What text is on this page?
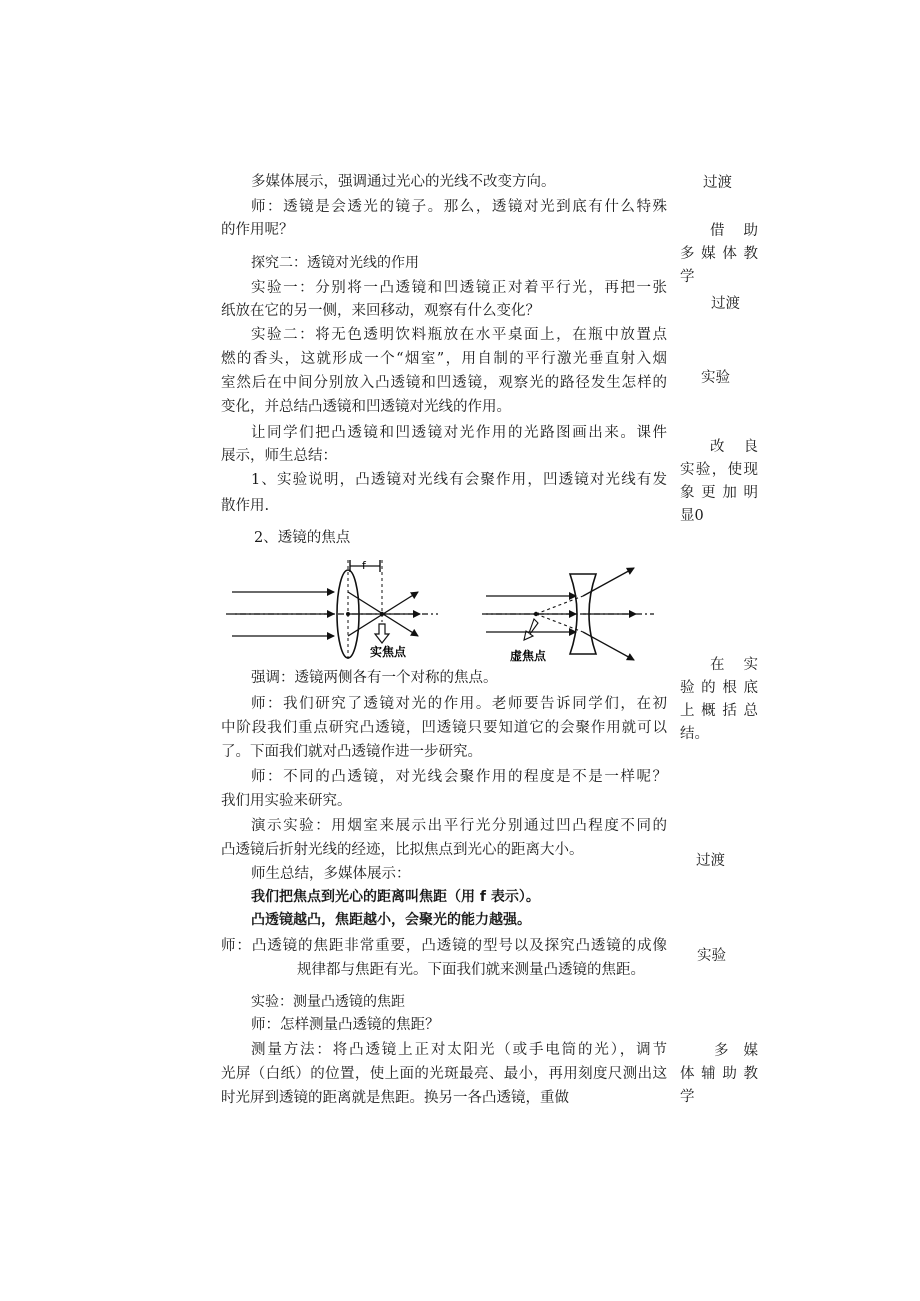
多媒体展示，强调通过光心的光线不改变方向。
师：透镜是会透光的镜子。那么，透镜对光到底有什么特殊
的作用呢？
探究二：透镜对光线的作用
实验一：分别将一凸透镜和凹透镜正对着平行光，再把一张
纸放在它的另一侧，来回移动，观察有什么变化？
实验二：将无色透明饮料瓶放在水平桌面上，在瓶中放置点
燃的香头，这就形成一个“烟室”，用自制的平行激光垂直射入烟
室然后在中间分别放入凸透镜和凹透镜，观察光的路径发生怎样的
变化，并总结凸透镜和凹透镜对光线的作用。
让同学们把凸透镜和凹透镜对光作用的光路图画出来。课件
展示，师生总结：
1、实验说明，凸透镜对光线有会聚作用，凹透镜对光线有发
散作用.
2、透镜的焦点
f
实焦点	虚焦点
强调：透镜两侧各有一个对称的焦点。
师：我们研究了透镜对光的作用。老师要告诉同学们，在初
中阶段我们重点研究凸透镜，凹透镜只要知道它的会聚作用就可以
了。下面我们就对凸透镜作进一步研究。
师：不同的凸透镜，对光线会聚作用的程度是不是一样呢？
我们用实验来研究。
演示实验：用烟室来展示出平行光分别通过凹凸程度不同的
凸透镜后折射光线的经迹，比拟焦点到光心的距离大小。
师生总结，多媒体展示：
我们把焦点到光心的距离叫焦距（用 f 表示）。
凸透镜越凸，焦距越小，会聚光的能力越强。
师：凸透镜的焦距非常重要，凸透镜的型号以及探究凸透镜的成像
规律都与焦距有光。下面我们就来测量凸透镜的焦距。
实验：测量凸透镜的焦距
师：怎样测量凸透镜的焦距？
测量方法：将凸透镜上正对太阳光（或手电筒的光），调节
光屏（白纸）的位置，使上面的光斑最亮、最小，再用刻度尺测出这
时光屏到透镜的距离就是焦距。换另一各凸透镜，重做
过渡
借 助
多媒体教
学
过渡
实验
改 良
实验，使现
象更加明
显0
在 实
验的根底
上概括总
结。
过渡
实验
多 媒
体辅助教
学
